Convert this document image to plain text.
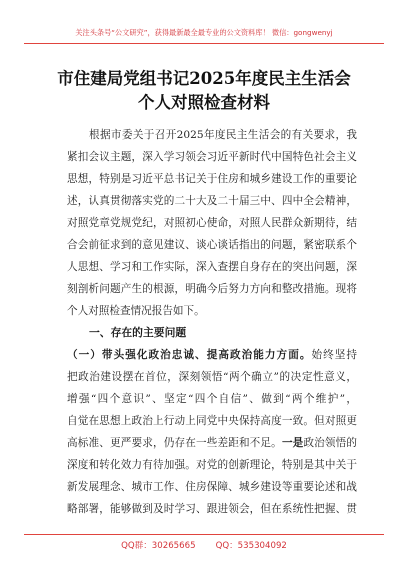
关注头条号“公文研究”，获得最新最全最专业的公文资料库！ 微信：gongwenyj
市住建局党组书记2025年度民主生活会
个人对照检查材料
根据市委关于召开2025年度民主生活会的有关要求，我
紧扣会议主题，深入学习领会习近平新时代中国特色社会主义
思想，特别是习近平总书记关于住房和城乡建设工作的重要论
述，认真贯彻落实党的二十大及二十届三中、四中全会精神，
对照党章党规党纪，对照初心使命，对照人民群众新期待，结
合会前征求到的意见建议、谈心谈话指出的问题，紧密联系个
人思想、学习和工作实际，深入查摆自身存在的突出问题，深
刻剖析问题产生的根源，明确今后努力方向和整改措施。现将
个人对照检查情况报告如下。
一、存在的主要问题
（一）带头强化政治忠诚、提高政治能力方面。始终坚持
把政治建设摆在首位，深刻领悟“两个确立”的决定性意义，
增强“四个意识”、坚定“四个自信”、做到“两个维护”，
自觉在思想上政治上行动上同党中央保持高度一致。但对照更
高标准、更严要求，仍存在一些差距和不足。一是政治领悟的
深度和转化效力有待加强。对党的创新理论，特别是其中关于
新发展理念、城市工作、住房保障、城乡建设等重要论述和战
略部署，能够做到及时学习、跟进领会，但在系统性把握、贯
QQ群：30265665 QQ：535304092
